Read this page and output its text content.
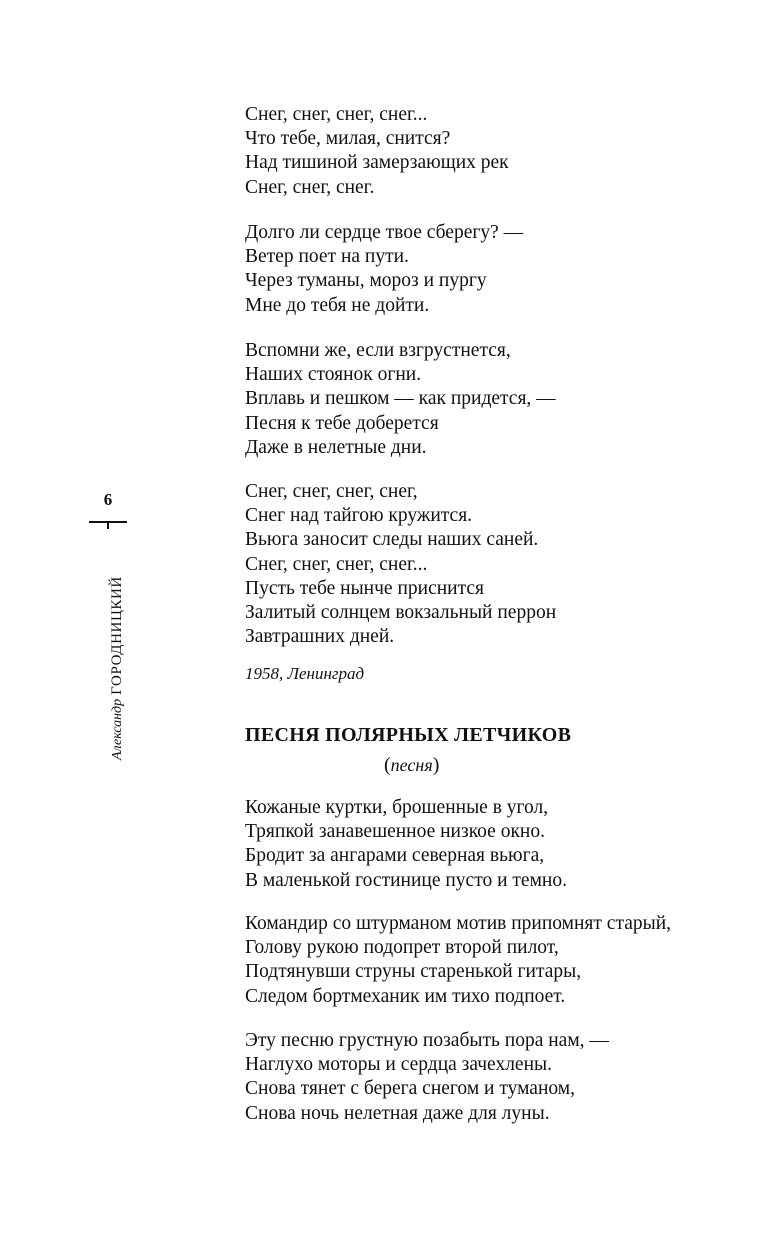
6
АлександрГОРОДНИЦКИЙ
Снег, снег, снег, снег...
Что тебе, милая, снится?
Над тишиной замерзающих рек
Снег, снег, снег.
Долго ли сердце твое сберегу? —
Ветер поет на пути.
Через туманы, мороз и пургу
Мне до тебя не дойти.
Вспомни же, если взгрустнется,
Наших стоянок огни.
Вплавь и пешком — как придется, —
Песня к тебе доберется
Даже в нелетные дни.
Снег, снег, снег, снег,
Снег над тайгою кружится.
Вьюга заносит следы наших саней.
Снег, снег, снег, снег...
Пусть тебе нынче приснится
Залитый солнцем вокзальный перрон
Завтрашних дней.
1958, Ленинград
ПЕСНЯ ПОЛЯРНЫХ ЛЕТЧИКОВ
(песня)
Кожаные куртки, брошенные в угол,
Тряпкой занавешенное низкое окно.
Бродит за ангарами северная вьюга,
В маленькой гостинице пусто и темно.
Командир со штурманом мотив припомнят старый,
Голову рукою подопрет второй пилот,
Подтянувши струны старенькой гитары,
Следом бортмеханик им тихо подпоет.
Эту песню грустную позабыть пора нам, —
Наглухо моторы и сердца зачехлены.
Снова тянет с берега снегом и туманом,
Снова ночь нелетная даже для луны.
